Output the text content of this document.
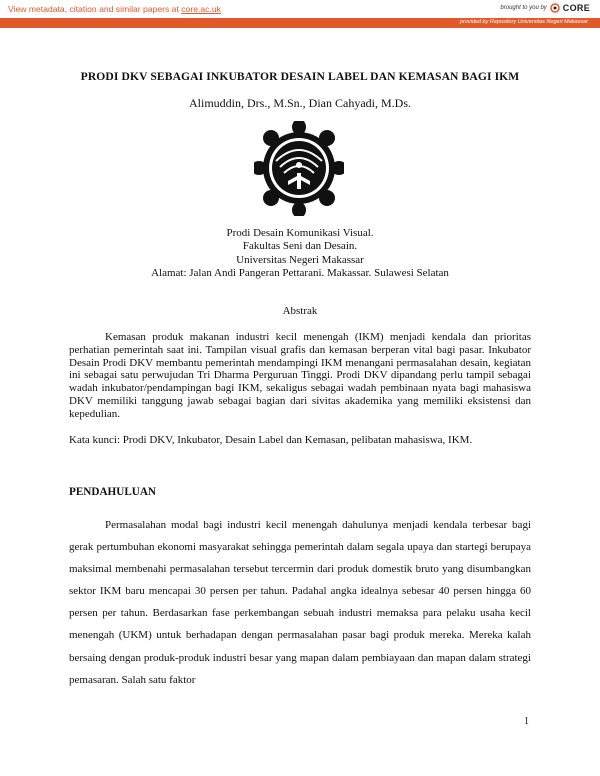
View metadata, citation and similar papers at core.ac.uk	brought to you by CORE
provided by Repository Universitas Negeri Makassar
PRODI DKV SEBAGAI INKUBATOR DESAIN LABEL DAN KEMASAN BAGI IKM
Alimuddin, Drs., M.Sn., Dian Cahyadi, M.Ds.
Prodi Desain Komunikasi Visual.
Fakultas Seni dan Desain.
Universitas Negeri Makassar
Alamat: Jalan Andi Pangeran Pettarani. Makassar. Sulawesi Selatan
Abstrak

Kemasan produk makanan industri kecil menengah (IKM) menjadi kendala dan prioritas perhatian pemerintah saat ini. Tampilan visual grafis dan kemasan berperan vital bagi pasar. Inkubator Desain Prodi DKV membantu pemerintah mendampingi IKM menangani permasalahan desain, kegiatan ini sebagai satu perwujudan Tri Dharma Perguruan Tinggi. Prodi DKV dipandang perlu tampil sebagai wadah inkubator/pendampingan bagi IKM, sekaligus sebagai wadah pembinaan nyata bagi mahasiswa DKV memiliki tanggung jawab sebagai bagian dari sivitas akademika yang memiliki eksistensi dan kepedulian.

Kata kunci: Prodi DKV, Inkubator, Desain Label dan Kemasan, pelibatan mahasiswa, IKM.

PENDAHULUAN

Permasalahan modal bagi industri kecil menengah dahulunya menjadi kendala terbesar bagi gerak pertumbuhan ekonomi masyarakat sehingga pemerintah dalam segala upaya dan startegi berupaya maksimal membenahi permasalahan tersebut tercermin dari produk domestik bruto yang disumbangkan sektor IKM baru mencapai 30 persen per tahun. Padahal angka idealnya sebesar 40 persen hingga 60 persen per tahun. Berdasarkan fase perkembangan sebuah industri memaksa para pelaku usaha kecil menengah (UKM) untuk berhadapan dengan permasalahan pasar bagi produk mereka. Mereka kalah bersaing dengan produk-produk industri besar yang mapan dalam pembiayaan dan mapan dalam strategi pemasaran. Salah satu faktor

1
